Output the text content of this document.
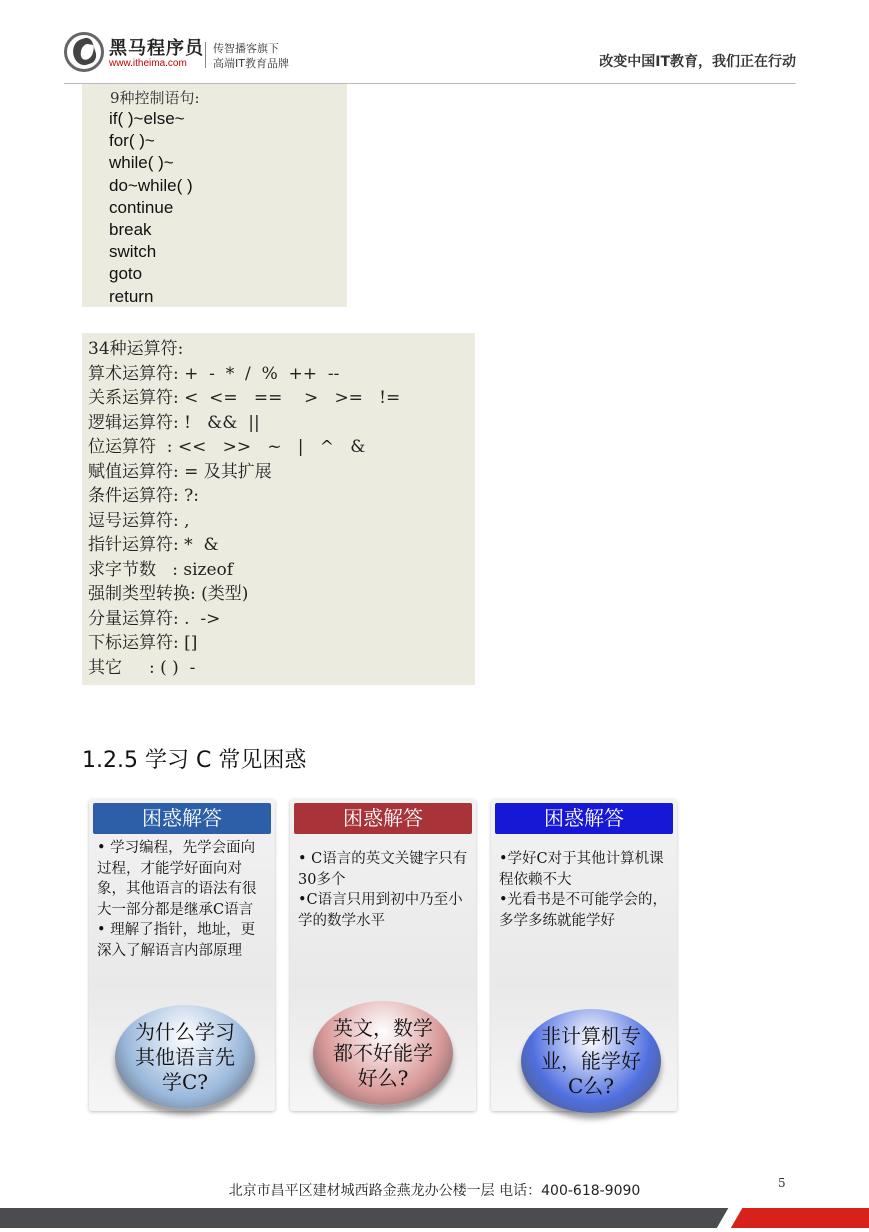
黑马程序员
www.itheima.com
传智播客旗下
高端IT教育品牌	改变中国IT教育，我们正在行动
9种控制语句:
if( )~else~
for( )~
while( )~
do~while( )
continue
break
switch
goto
return
34种运算符:
算术运算符: +  -  *  /  %  ++  --
关系运算符: <  <=   ==    >   >=   !=
逻辑运算符: !   &&  ||
位运算符  : <<   >>   ~   |   ^   &
赋值运算符: = 及其扩展
条件运算符: ?:
逗号运算符: ,
指针运算符: *  &
求字节数   : sizeof
强制类型转换: (类型)
分量运算符: .  ->
下标运算符: []
其它     : ( )  -
1.2.5 学习 C 常见困惑
困惑解答

• 学习编程，先学会面向过程，才能学好面向对象，其他语言的语法有很大一部分都是继承C语言

• 理解了指针，地址，更深入了解语言内部原理

为什么学习其他语言先学C?
困惑解答

• C语言的英文关键字只有30多个

•C语言只用到初中乃至小学的数学水平

英文，数学都不好能学好么?
困惑解答

•学好C对于其他计算机课程依赖不大

•光看书是不可能学会的，多学多练就能学好

非计算机专业，能学好C么?
北京市昌平区建材城西路金燕龙办公楼一层 电话：400-618-9090	5
